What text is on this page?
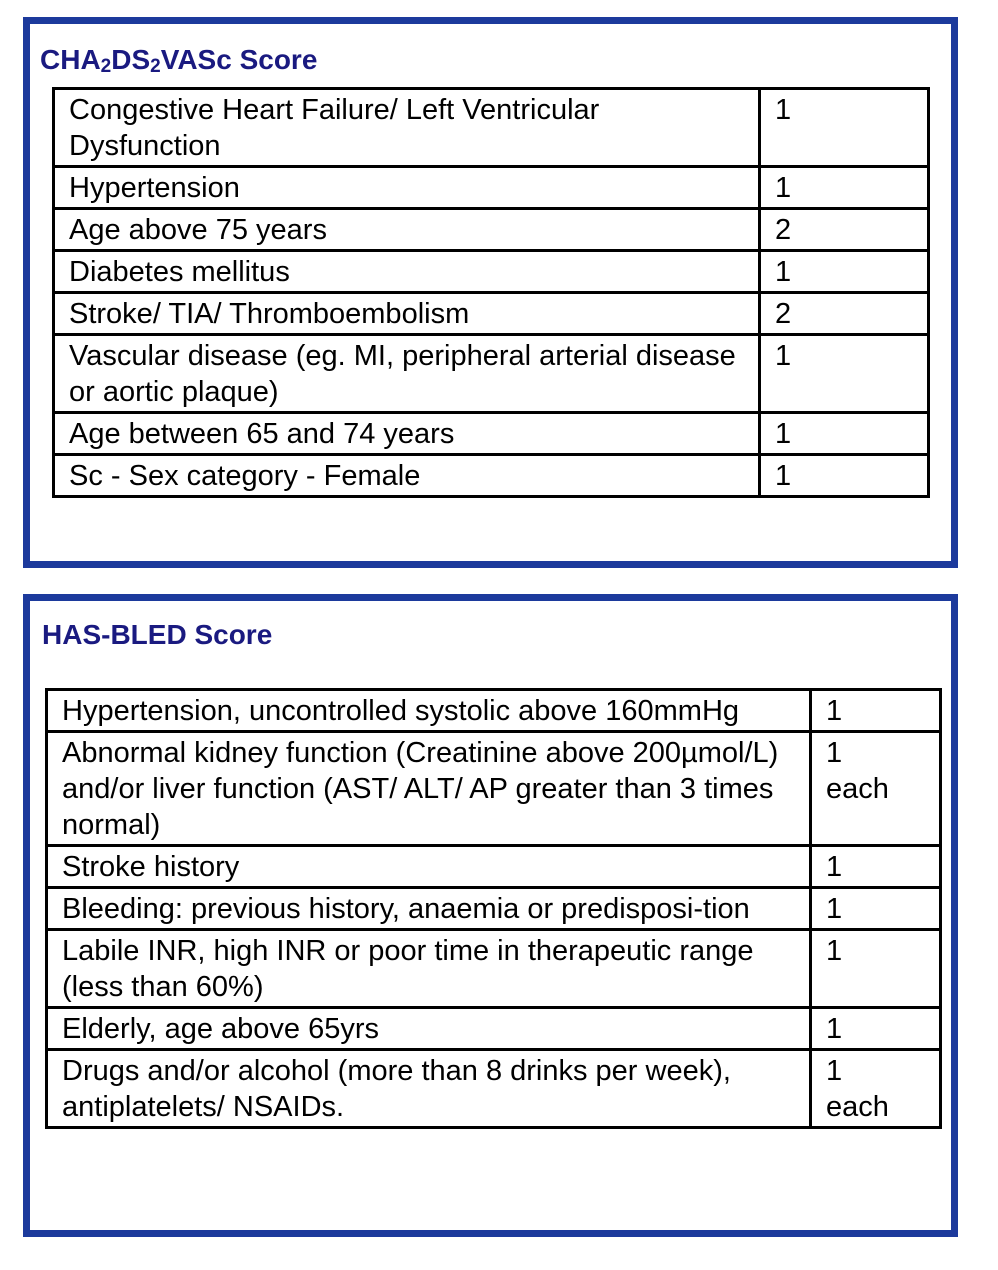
$CHA_2DS_2VASc$ Score
Congestive Heart Failure/ Left Ventricular Dysfunction	1
Hypertension	1
Age above 75 years	2
Diabetes mellitus	1
Stroke/ TIA/ Thromboembolism	2
Vascular disease (eg. MI, peripheral arterial disease or aortic plaque)	1
Age between 65 and 74 years	1
Sc - Sex category - Female	1
HAS-BLED Score
Hypertension, uncontrolled systolic above 160mmHg	1

Abnormal kidney function (Creatinine above 200µmol/L) and/or liver function (AST/ ALT/ AP greater than 3 times normal)	1 each

Stroke history	1

Bleeding: previous history, anaemia or predisposi-tion	1

Labile INR, high INR or poor time in therapeutic range (less than 60%)	1

Elderly, age above 65yrs	1

Drugs and/or alcohol (more than 8 drinks per week), antiplatelets/ NSAIDs.	1 each
